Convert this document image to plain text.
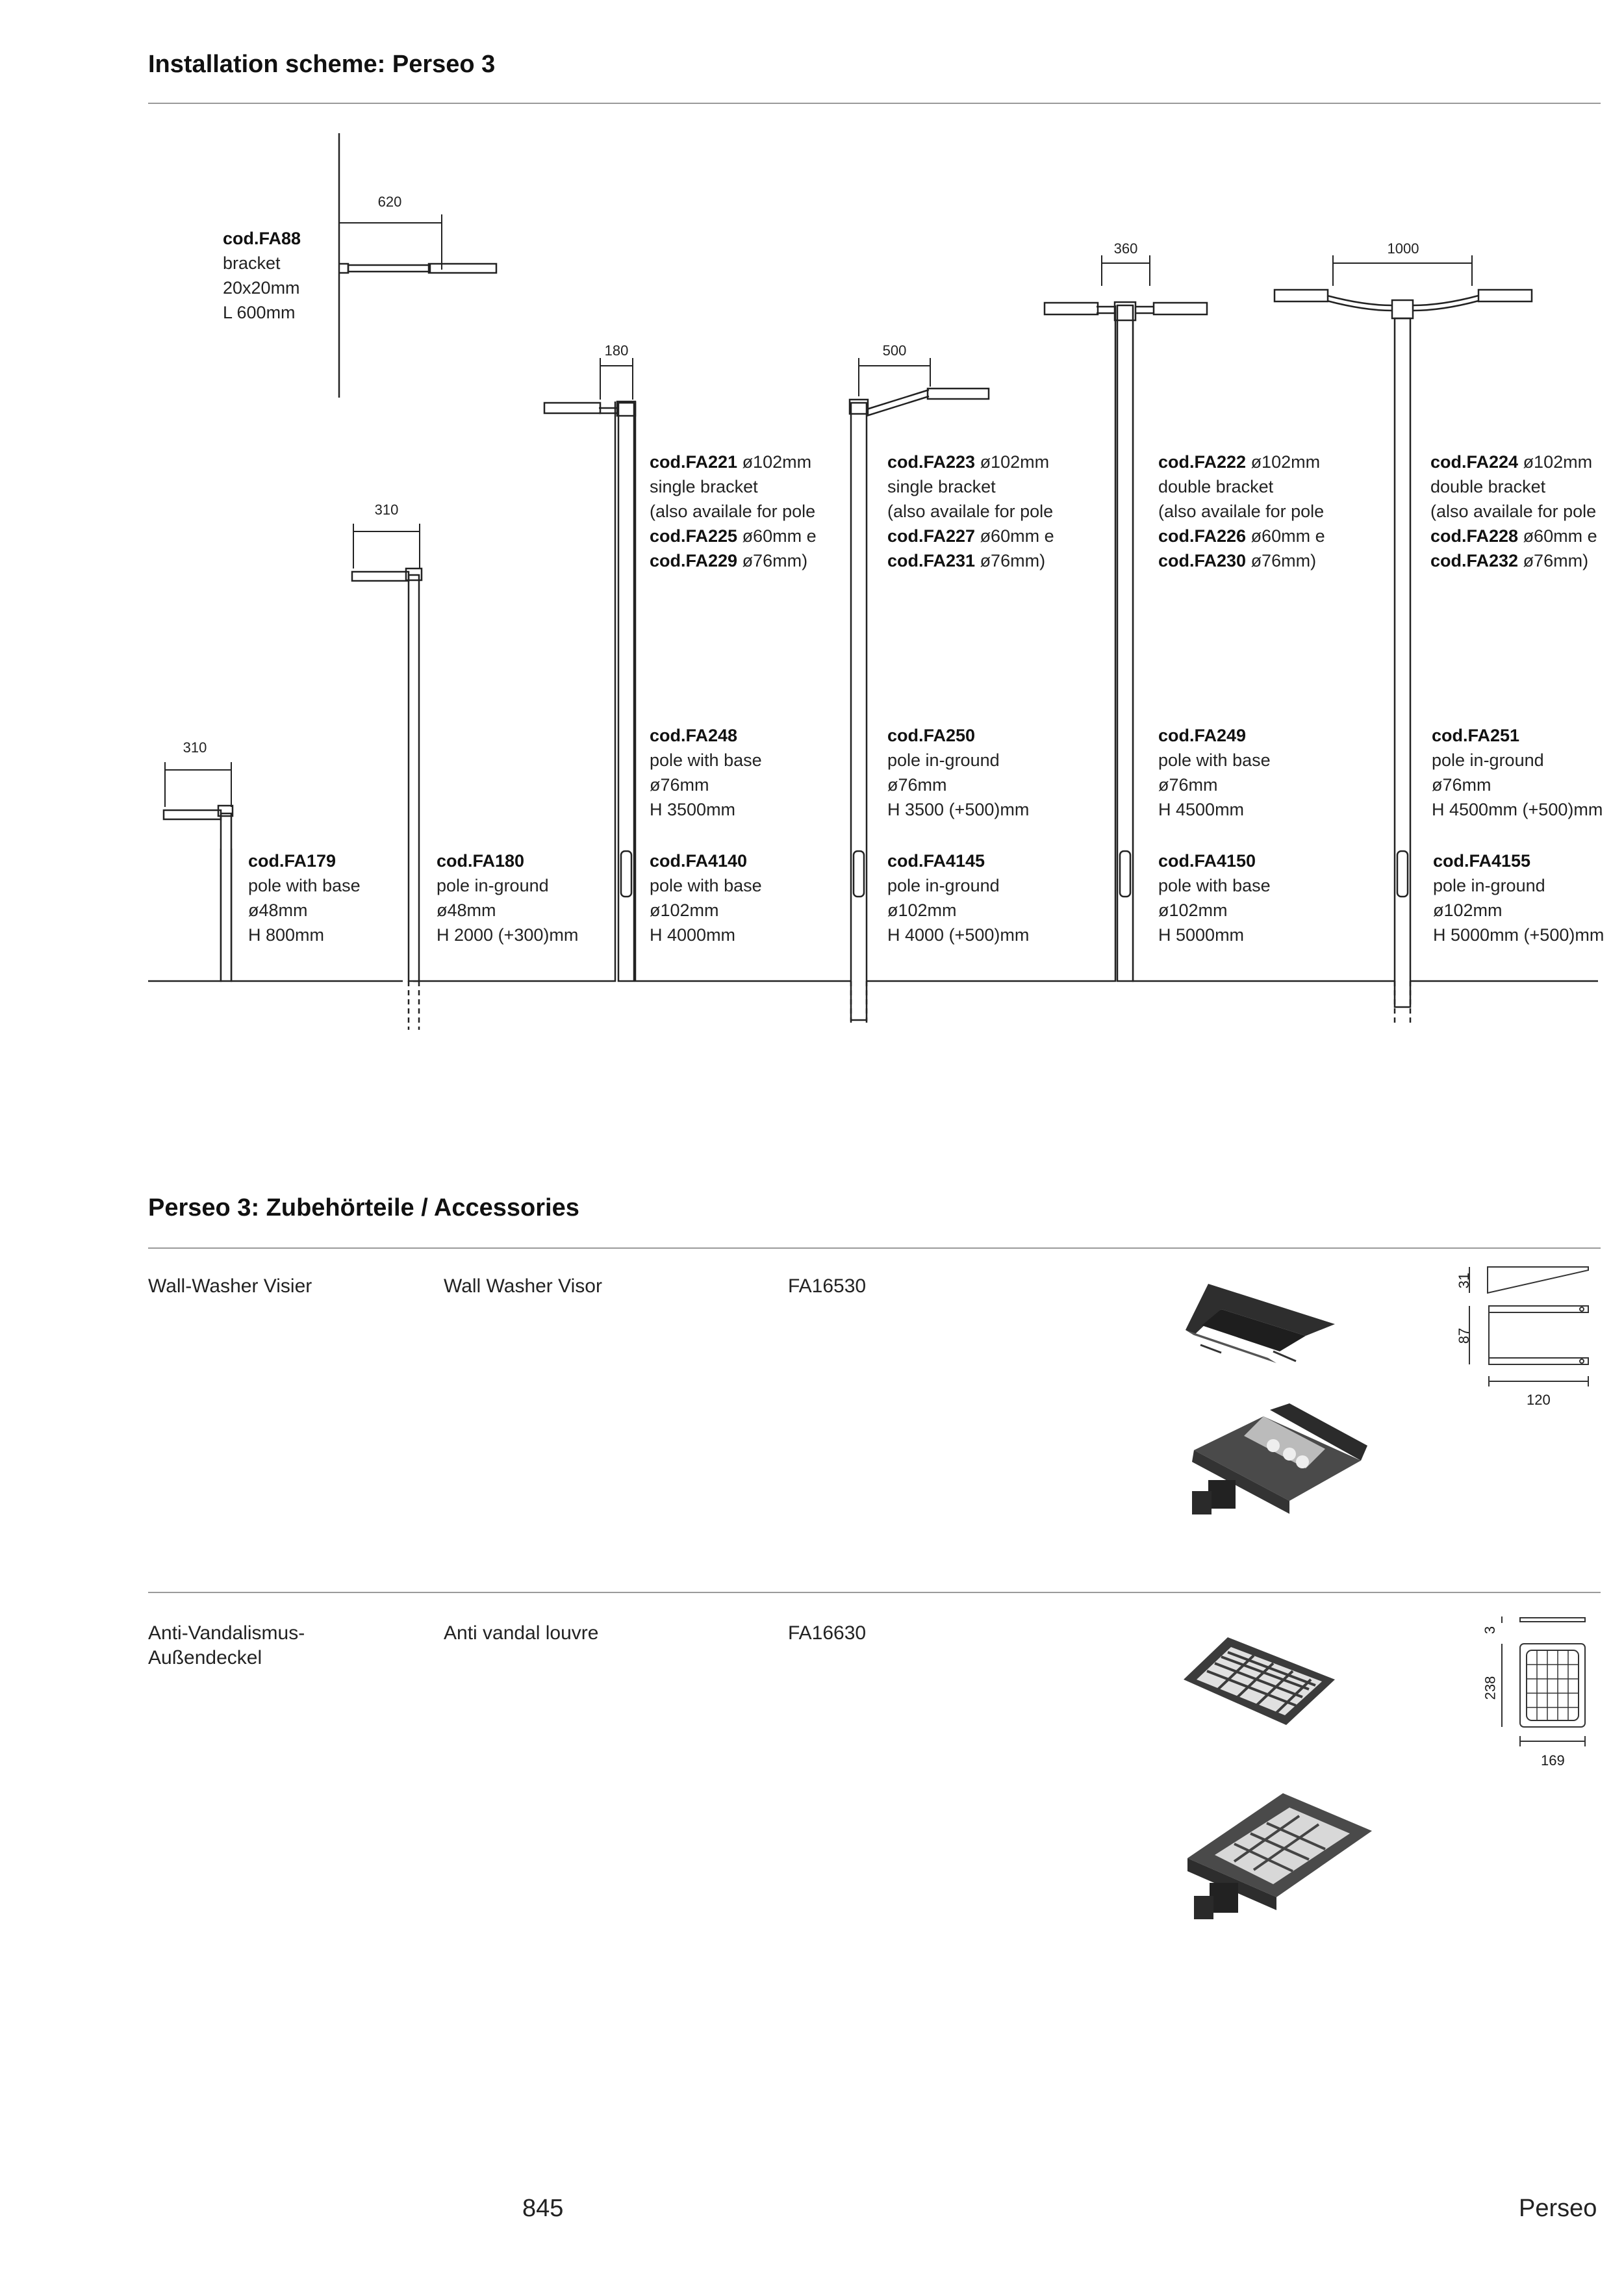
Installation scheme: Perseo 3
620
360	1000
180	500
310
310
cod.FA88
bracket
20x20mm
L 600mm
cod.FA221 ø102mm
single bracket
(also availale for pole
cod.FA225 ø60mm e
cod.FA229 ø76mm)
cod.FA223 ø102mm
single bracket
(also availale for pole
cod.FA227 ø60mm e
cod.FA231 ø76mm)
cod.FA222 ø102mm
double bracket
(also availale for pole
cod.FA226 ø60mm e
cod.FA230 ø76mm)
cod.FA224 ø102mm
double bracket
(also availale for pole
cod.FA228 ø60mm e
cod.FA232 ø76mm)
cod.FA248
pole with base
ø76mm
H 3500mm
cod.FA250
pole in-ground
ø76mm
H 3500 (+500)mm
cod.FA249
pole with base
ø76mm
H 4500mm
cod.FA251
pole in-ground
ø76mm
H 4500mm (+500)mm
cod.FA179
pole with base
ø48mm
H 800mm
cod.FA180
pole in-ground
ø48mm
H 2000 (+300)mm
cod.FA4140
pole with base
ø102mm
H 4000mm
cod.FA4145
pole in-ground
ø102mm
H 4000 (+500)mm
cod.FA4150
pole with base
ø102mm
H 5000mm
cod.FA4155
pole in-ground
ø102mm
H 5000mm (+500)mm
Perseo 3: Zubehörteile / Accessories
Wall-Washer Visier	Wall Washer Visor	FA16530	31
87
120
Anti-Vandalismus-
Außendeckel
Anti vandal louvre	FA16630	3
238
169
845	Perseo
